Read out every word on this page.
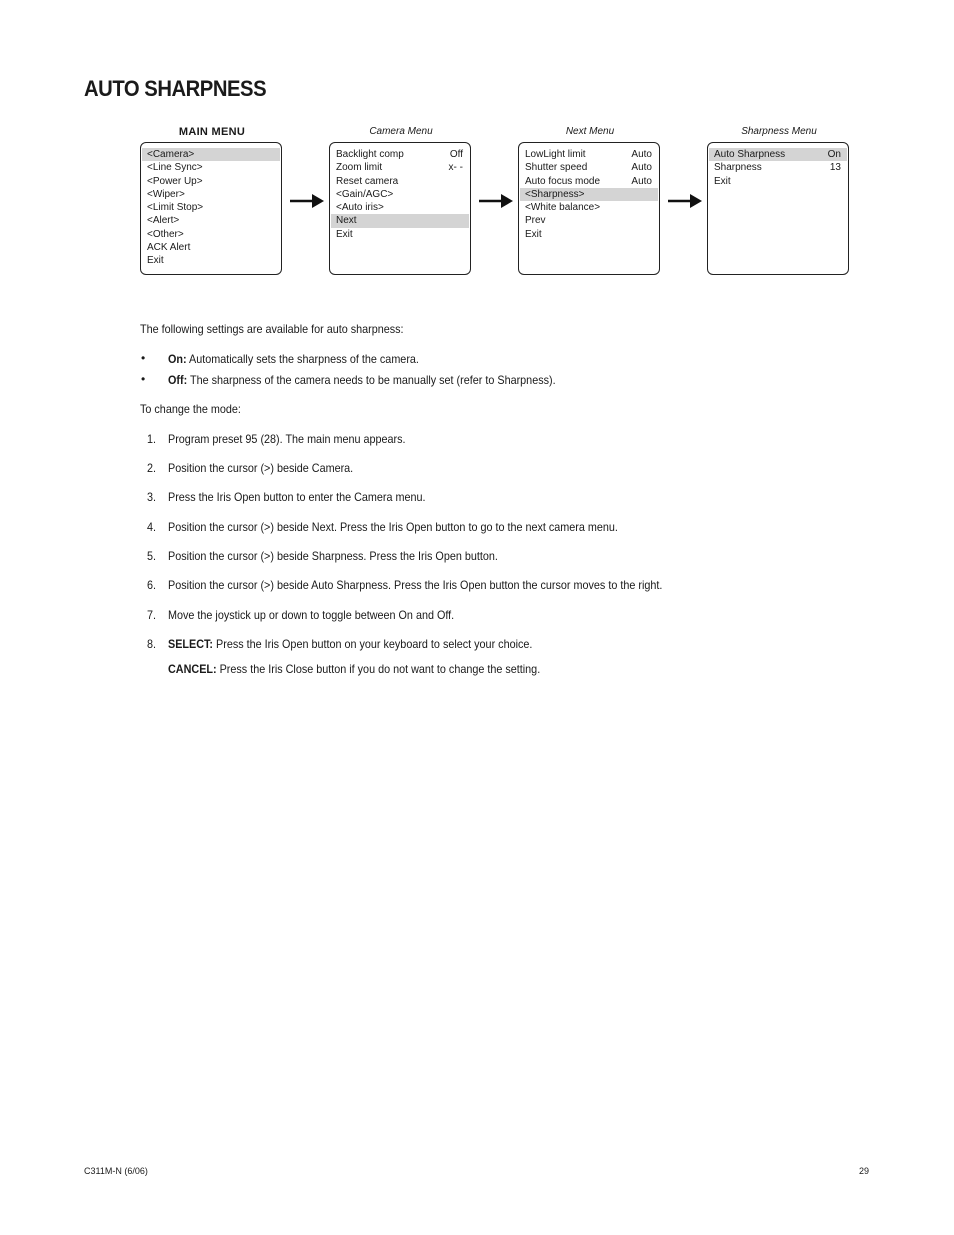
AUTO SHARPNESS
MAIN MENU	Camera Menu	Next Menu	Sharpness Menu
<Camera>
<Line Sync>
<Power Up>
<Wiper>
<Limit Stop>
<Alert>
<Other>
ACK Alert
Exit
Backlight comp	Off
Zoom limit	x- -
Reset camera
<Gain/AGC>
<Auto iris>
Next
Exit
LowLight limit	Auto
Shutter speed	Auto
Auto focus mode	Auto
<Sharpness>
<White balance>
Prev
Exit
Auto Sharpness	On
Sharpness	13
Exit
The following settings are available for auto sharpness:
• On: Automatically sets the sharpness of the camera.
• Off: The sharpness of the camera needs to be manually set (refer to Sharpness).
To change the mode:
1. Program preset 95 (28). The main menu appears.
2. Position the cursor (>) beside Camera.
3. Press the Iris Open button to enter the Camera menu.
4. Position the cursor (>) beside Next. Press the Iris Open button to go to the next camera menu.
5. Position the cursor (>) beside Sharpness. Press the Iris Open button.
6. Position the cursor (>) beside Auto Sharpness. Press the Iris Open button the cursor moves to the right.
7. Move the joystick up or down to toggle between On and Off.
8. SELECT: Press the Iris Open button on your keyboard to select your choice.
CANCEL: Press the Iris Close button if you do not want to change the setting.
C311M-N (6/06)	29
